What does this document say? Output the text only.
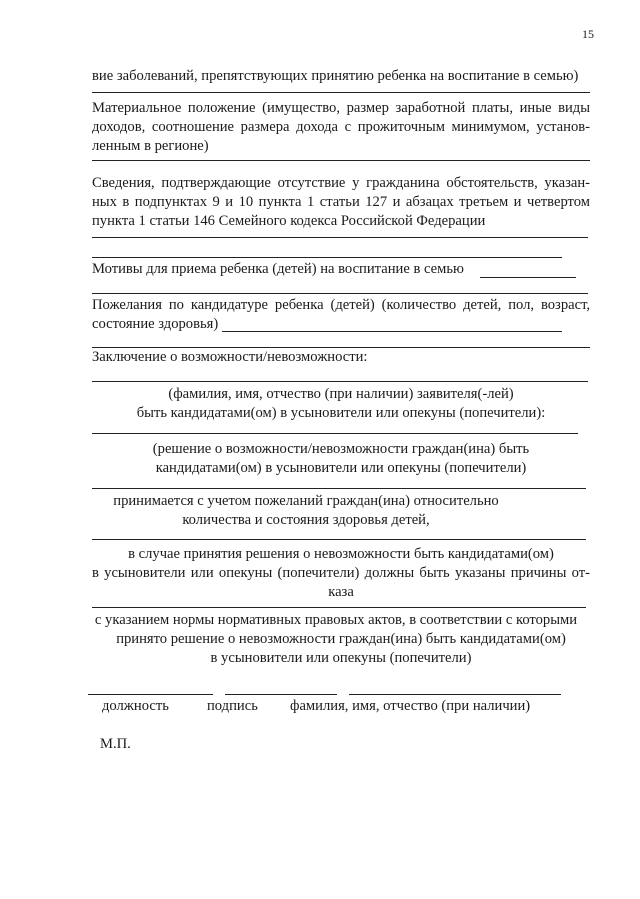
15
вие заболеваний, препятствующих принятию ребенка на воспитание в семью)
Материальное положение (имущество, размер заработной платы, иные виды
доходов, соотношение размера дохода с прожиточным минимумом, установ-
ленным в регионе)
Сведения, подтверждающие отсутствие у гражданина обстоятельств, указан-
ных в подпунктах 9 и 10 пункта 1 статьи 127 и абзацах третьем и четвертом
пункта 1 статьи 146 Семейного кодекса Российской Федерации
Мотивы для приема ребенка (детей) на воспитание в семью
Пожелания по кандидатуре ребенка (детей) (количество детей, пол, возраст,
состояние здоровья)
Заключение о возможности/невозможности:
(фамилия, имя, отчество (при наличии) заявителя(-лей)
быть кандидатами(ом) в усыновители или опекуны (попечители):
(решение о возможности/невозможности граждан(ина) быть
кандидатами(ом) в усыновители или опекуны (попечители)
принимается с учетом пожеланий граждан(ина) относительно
количества и состояния здоровья детей,
в случае принятия решения о невозможности быть кандидатами(ом)
в усыновители или опекуны (попечители) должны быть указаны причины от-
каза
с указанием нормы нормативных правовых актов, в соответствии с которыми
принято решение о невозможности граждан(ина) быть кандидатами(ом)
в усыновители или опекуны (попечители)
должность	подпись фамилия, имя, отчество (при наличии)
М.П.
